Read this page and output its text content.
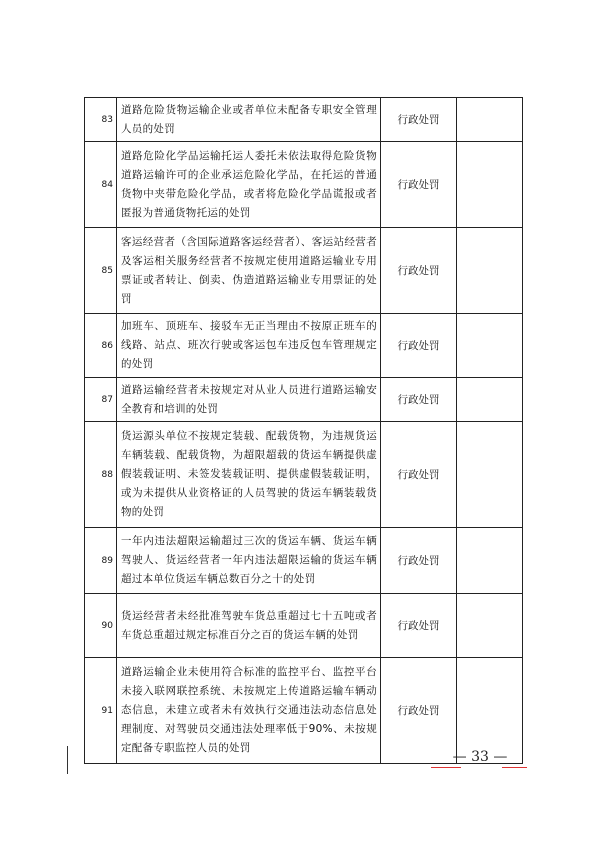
83	道路危险货物运输企业或者单位未配备专职安全管理人员的处罚	行政处罚	
84	道路危险化学品运输托运人委托未依法取得危险货物道路运输许可的企业承运危险化学品，在托运的普通货物中夹带危险化学品，或者将危险化学品谎报或者匿报为普通货物托运的处罚	行政处罚	
85	客运经营者（含国际道路客运经营者）、客运站经营者及客运相关服务经营者不按规定使用道路运输业专用票证或者转让、倒卖、伪造道路运输业专用票证的处罚	行政处罚	
86	加班车、顶班车、接驳车无正当理由不按原正班车的线路、站点、班次行驶或客运包车违反包车管理规定的处罚	行政处罚	
87	道路运输经营者未按规定对从业人员进行道路运输安全教育和培训的处罚	行政处罚	
88	货运源头单位不按规定装载、配载货物，为违规货运车辆装载、配载货物，为超限超载的货运车辆提供虚假装载证明、未签发装载证明、提供虚假装载证明，或为未提供从业资格证的人员驾驶的货运车辆装载货物的处罚	行政处罚	
89	一年内违法超限运输超过三次的货运车辆、货运车辆驾驶人、货运经营者一年内违法超限运输的货运车辆超过本单位货运车辆总数百分之十的处罚	行政处罚	
90	货运经营者未经批准驾驶车货总重超过七十五吨或者车货总重超过规定标准百分之百的货运车辆的处罚	行政处罚	
91	道路运输企业未使用符合标准的监控平台、监控平台未接入联网联控系统、未按规定上传道路运输车辆动态信息，未建立或者未有效执行交通违法动态信息处理制度、对驾驶员交通违法处理率低于90%、未按规定配备专职监控人员的处罚	行政处罚	
— 33 —
